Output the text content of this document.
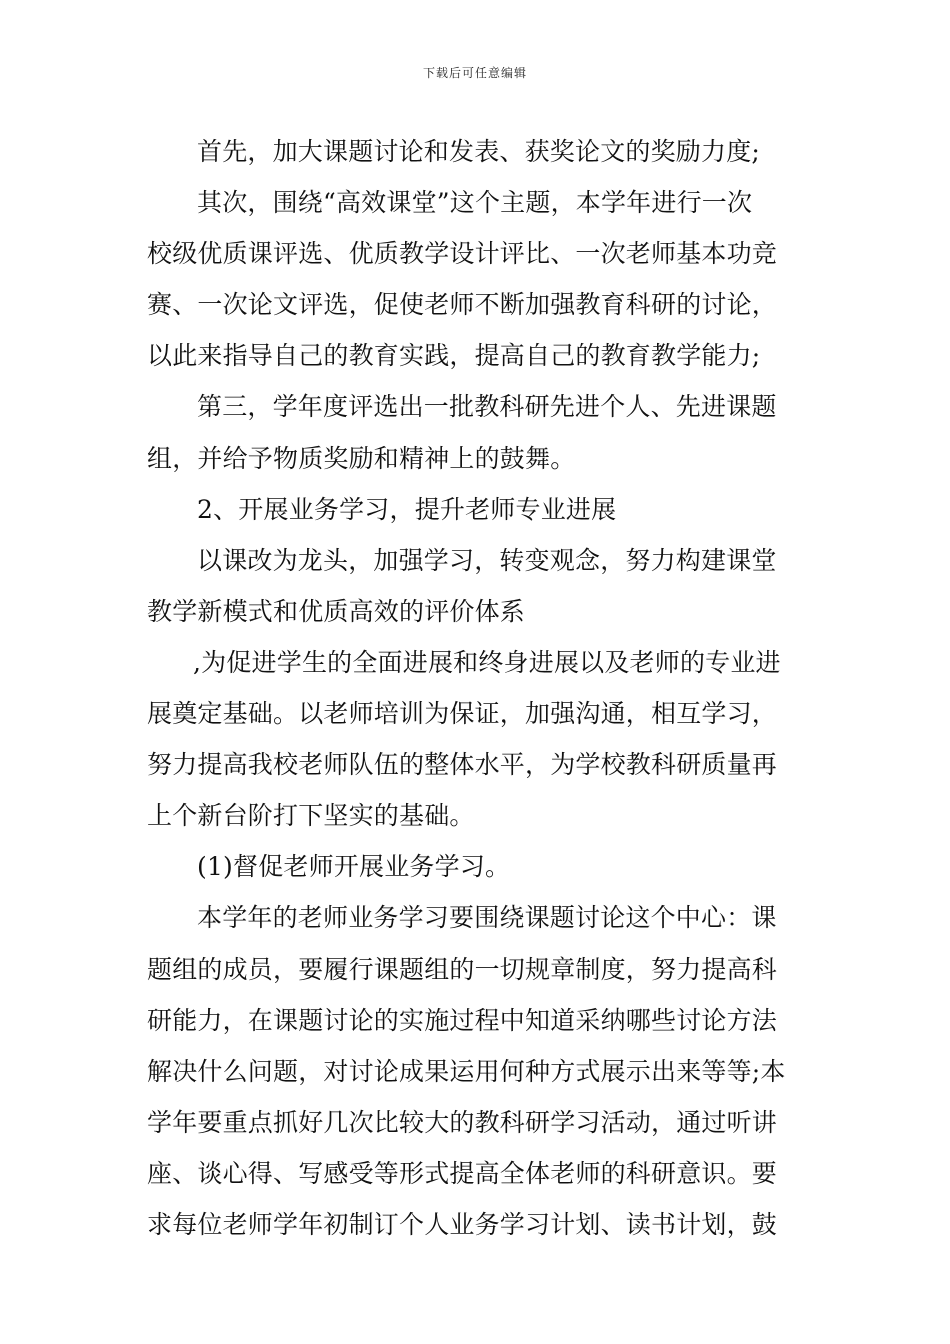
下载后可任意编辑
首先，加大课题讨论和发表、获奖论文的奖励力度;
其次，围绕“高效课堂”这个主题，本学年进行一次
校级优质课评选、优质教学设计评比、一次老师基本功竞
赛、一次论文评选，促使老师不断加强教育科研的讨论，
以此来指导自己的教育实践，提高自己的教育教学能力;
第三，学年度评选出一批教科研先进个人、先进课题
组，并给予物质奖励和精神上的鼓舞。
2、开展业务学习，提升老师专业进展
以课改为龙头，加强学习，转变观念，努力构建课堂
教学新模式和优质高效的评价体系
,为促进学生的全面进展和终身进展以及老师的专业进
展奠定基础。以老师培训为保证，加强沟通，相互学习，
努力提高我校老师队伍的整体水平，为学校教科研质量再
上个新台阶打下坚实的基础。
(1)督促老师开展业务学习。
本学年的老师业务学习要围绕课题讨论这个中心：课
题组的成员，要履行课题组的一切规章制度，努力提高科
研能力，在课题讨论的实施过程中知道采纳哪些讨论方法
解决什么问题，对讨论成果运用何种方式展示出来等等;本
学年要重点抓好几次比较大的教科研学习活动，通过听讲
座、谈心得、写感受等形式提高全体老师的科研意识。要
求每位老师学年初制订个人业务学习计划、读书计划，鼓
